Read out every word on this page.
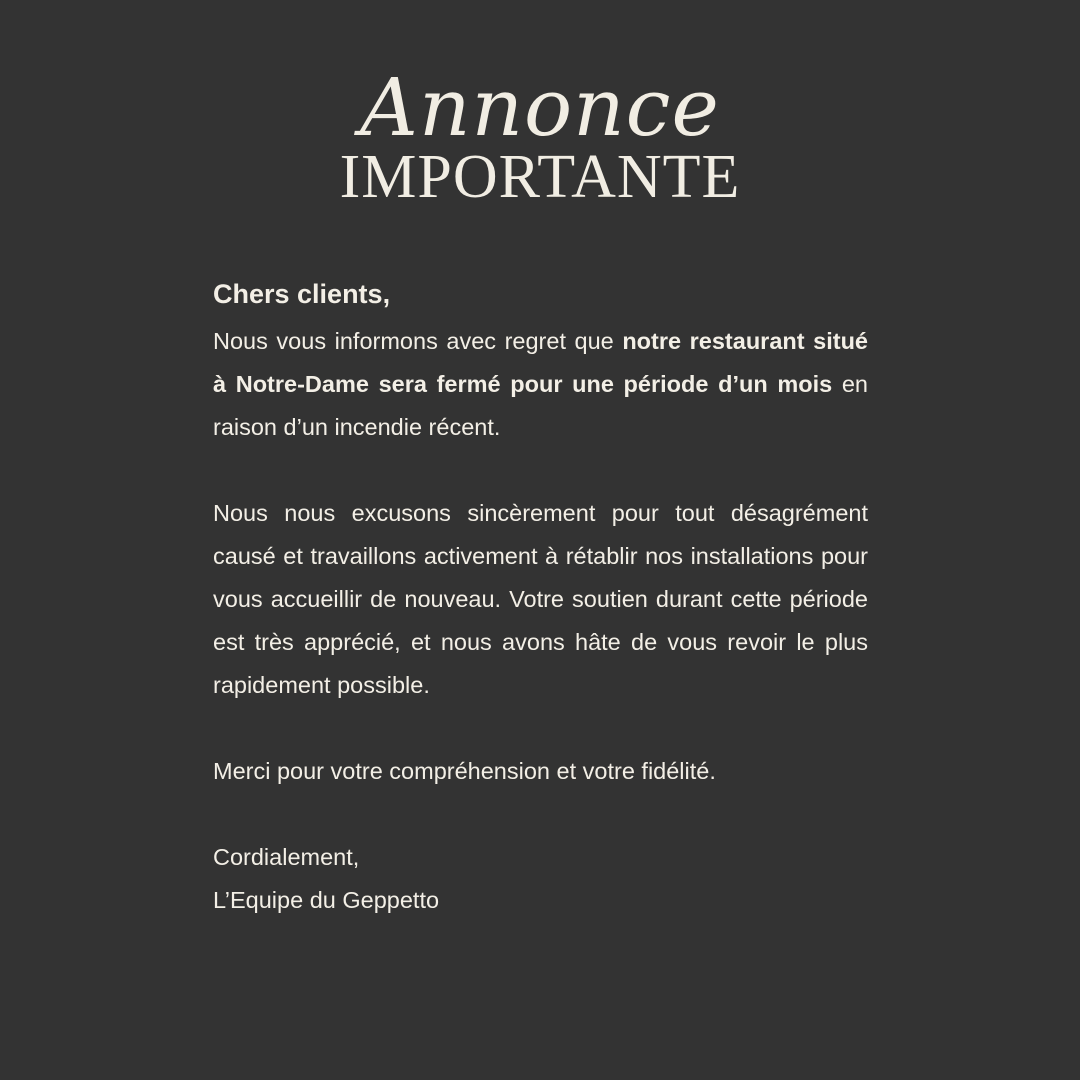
Annonce
IMPORTANTE

Chers clients,

Nous vous informons avec regret que notre restaurant situé à Notre-Dame sera fermé pour une période d’un mois en raison d’un incendie récent.

Nous nous excusons sincèrement pour tout désagrément causé et travaillons activement à rétablir nos installations pour vous accueillir de nouveau. Votre soutien durant cette période est très apprécié, et nous avons hâte de vous revoir le plus rapidement possible.

Merci pour votre compréhension et votre fidélité.

Cordialement,

L’Equipe du Geppetto
